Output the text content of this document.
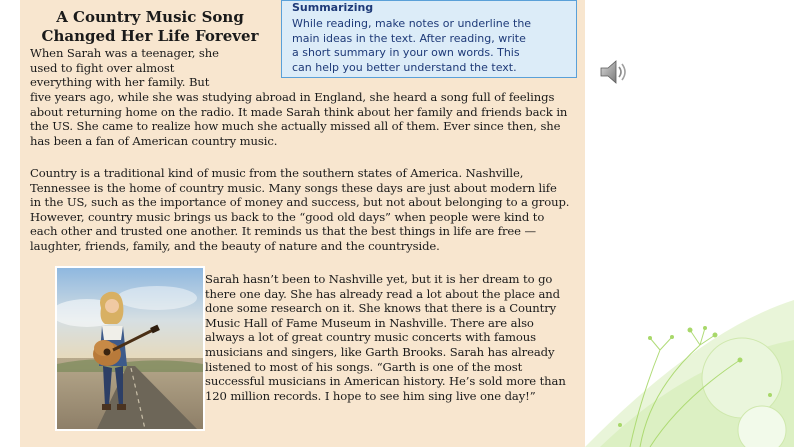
A Country Music Song
Changed Her Life Forever

When Sarah was a teenager, she
used to fight over almost
everything with her family. But

five years ago, while she was studying abroad in England, she heard a song full of feelings about returning home on the radio. It made Sarah think about her family and friends back in the US. She came to realize how much she actually missed all of them. Ever since then, she has been a fan of American country music.

Country is a traditional kind of music from the southern states of America. Nashville, Tennessee is the home of country music. Many songs these days are just about modern life in the US, such as the importance of money and success, but not about belonging to a group. However, country music brings us back to the “good old days” when people were kind to each other and trusted one another. It reminds us that the best things in life are free — laughter, friends, family, and the beauty of nature and the countryside.

Sarah hasn’t been to Nashville yet, but it is her dream to go there one day. She has already read a lot about the place and done some research on it. She knows that there is a Country Music Hall of Fame Museum in Nashville. There are also always a lot of great country music concerts with famous musicians and singers, like Garth Brooks. Sarah has already listened to most of his songs. “Garth is one of the most successful musicians in American history. He’s sold more than 120 million records. I hope to see him sing live one day!”

Summarizing

While reading, make notes or underline the
main ideas in the text. After reading, write
a short summary in your own words. This
can help you better understand the text.
